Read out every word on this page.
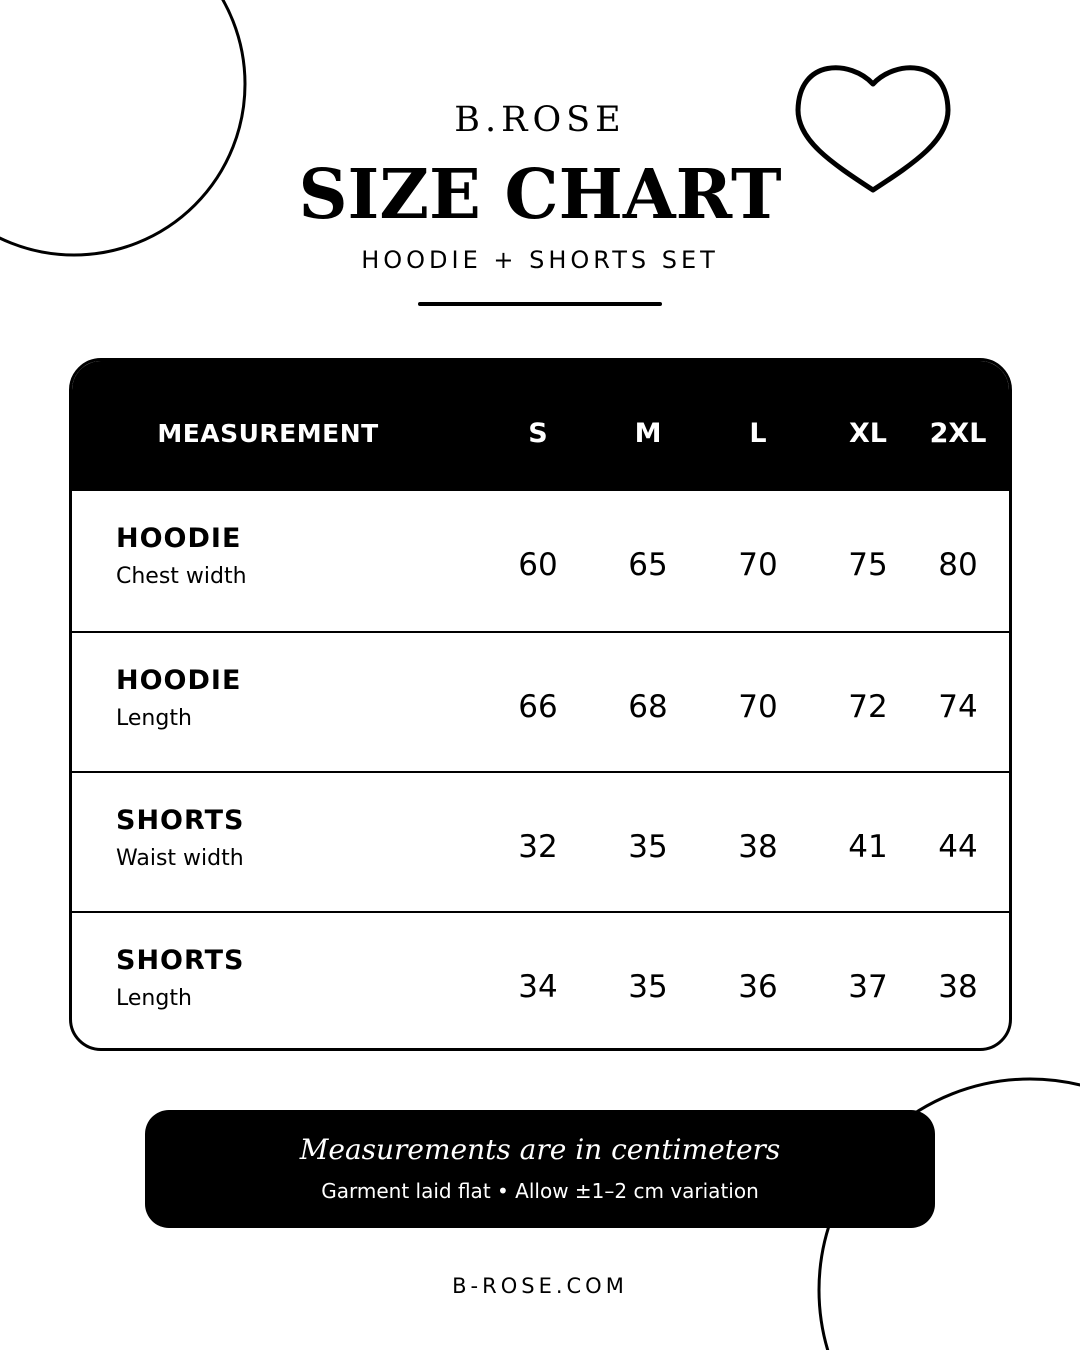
B.ROSE
SIZE CHART
HOODIE + SHORTS SET
MEASUREMENT	S	M	L	XL	2XL
HOODIE
Chest width	60	65	70	75	80
HOODIE
Length	66	68	70	72	74
SHORTS
Waist width	32	35	38	41	44
SHORTS
Length	34	35	36	37	38
Measurements are in centimeters
Garment laid flat • Allow ±1–2 cm variation
B-ROSE.COM
